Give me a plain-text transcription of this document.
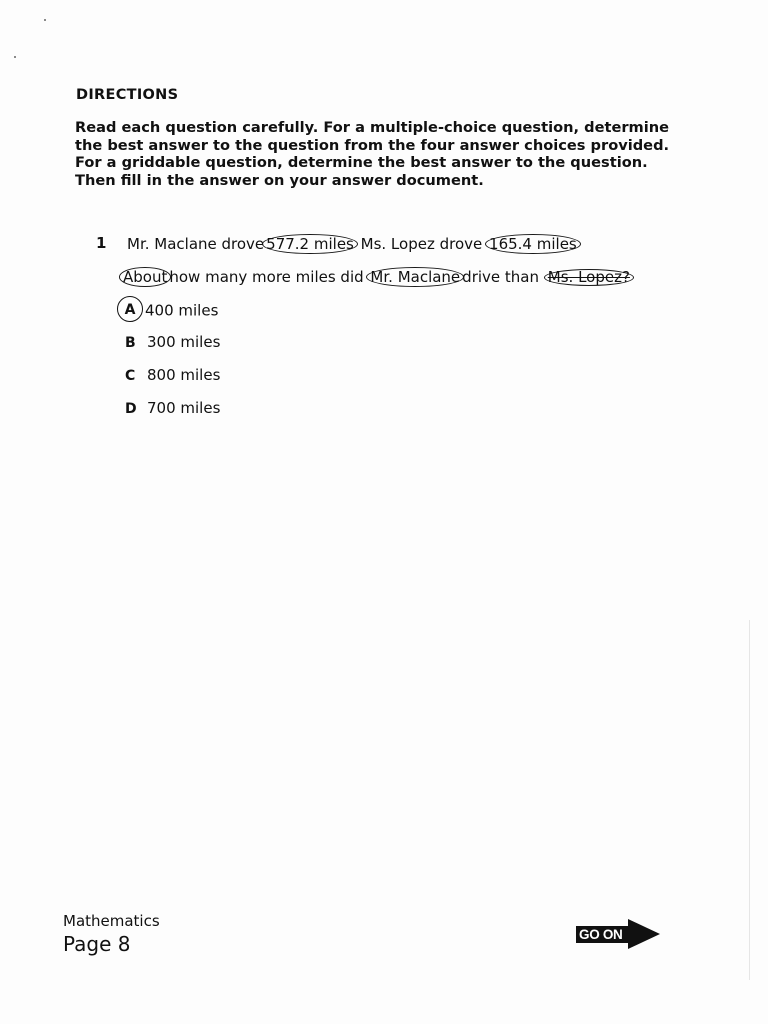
DIRECTIONS
Read each question carefully. For a multiple-choice question, determine the best answer to the question from the four answer choices provided. For a griddable question, determine the best answer to the question. Then fill in the answer on your answer document.
1 Mr. Maclane drove 577.2 miles Ms. Lopez drove 165.4 miles
About how many more miles did Mr. Maclane drive than Ms. Lopez?
A 400 miles
B 300 miles
C 800 miles
D 700 miles
Mathematics
Page 8	GO ON
